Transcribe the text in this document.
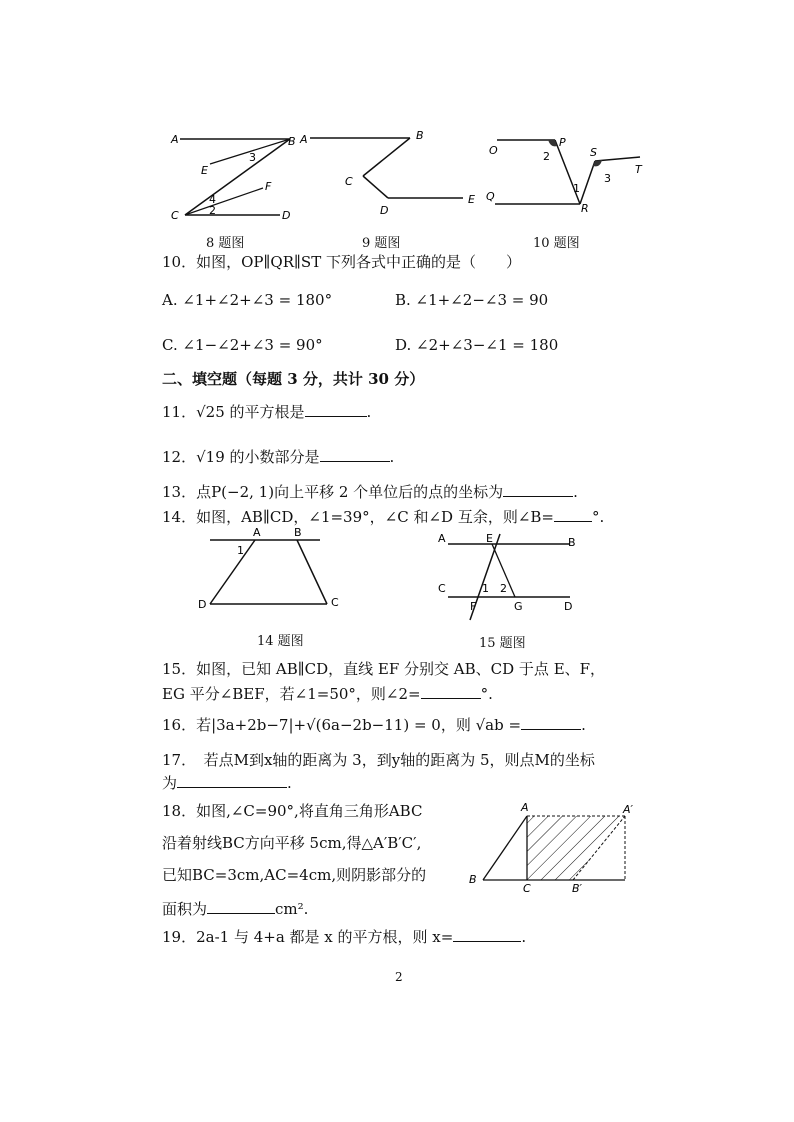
A	B
E
3
F
4
2
C	D
8 题图
A	B
C
D
E
9 题图
O
P
2	S
T
3
Q
1
R
10 题图
10．如图，OP∥QR∥ST 下列各式中正确的是（　　）
A. ∠1+∠2+∠3 = 180°	B. ∠1+∠2−∠3 = 90
C. ∠1−∠2+∠3 = 90°	D. ∠2+∠3−∠1 = 180
二、填空题（每题 3 分，共计 30 分）
11．√25 的平方根是	.
12．√19 的小数部分是	.
13．点P(−2, 1)向上平移 2 个单位后的点的坐标为	.
14．如图，AB∥CD，∠1=39°，∠C 和∠D 互余，则∠B=	°.
A	B
1
D	C
14 题图
A	E	B
C	1 2
F	G	D
15 题图
15．如图，已知 AB∥CD，直线 EF 分别交 AB、CD 于点 E、F，
EG 平分∠BEF，若∠1=50°，则∠2=	°.
16．若|3a+2b−7|+√(6a−2b−11) = 0，则 √ab =	.
17．　若点M到x轴的距离为 3，到y轴的距离为 5，则点M的坐标
为	.
18．如图,∠C=90°,将直角三角形ABC
沿着射线BC方向平移 5cm,得△A′B′C′,
已知BC=3cm,AC=4cm,则阴影部分的
面积为	cm².
A	A′
B
C	B′
19．2a-1 与 4+a 都是 x 的平方根，则 x=	.
2
